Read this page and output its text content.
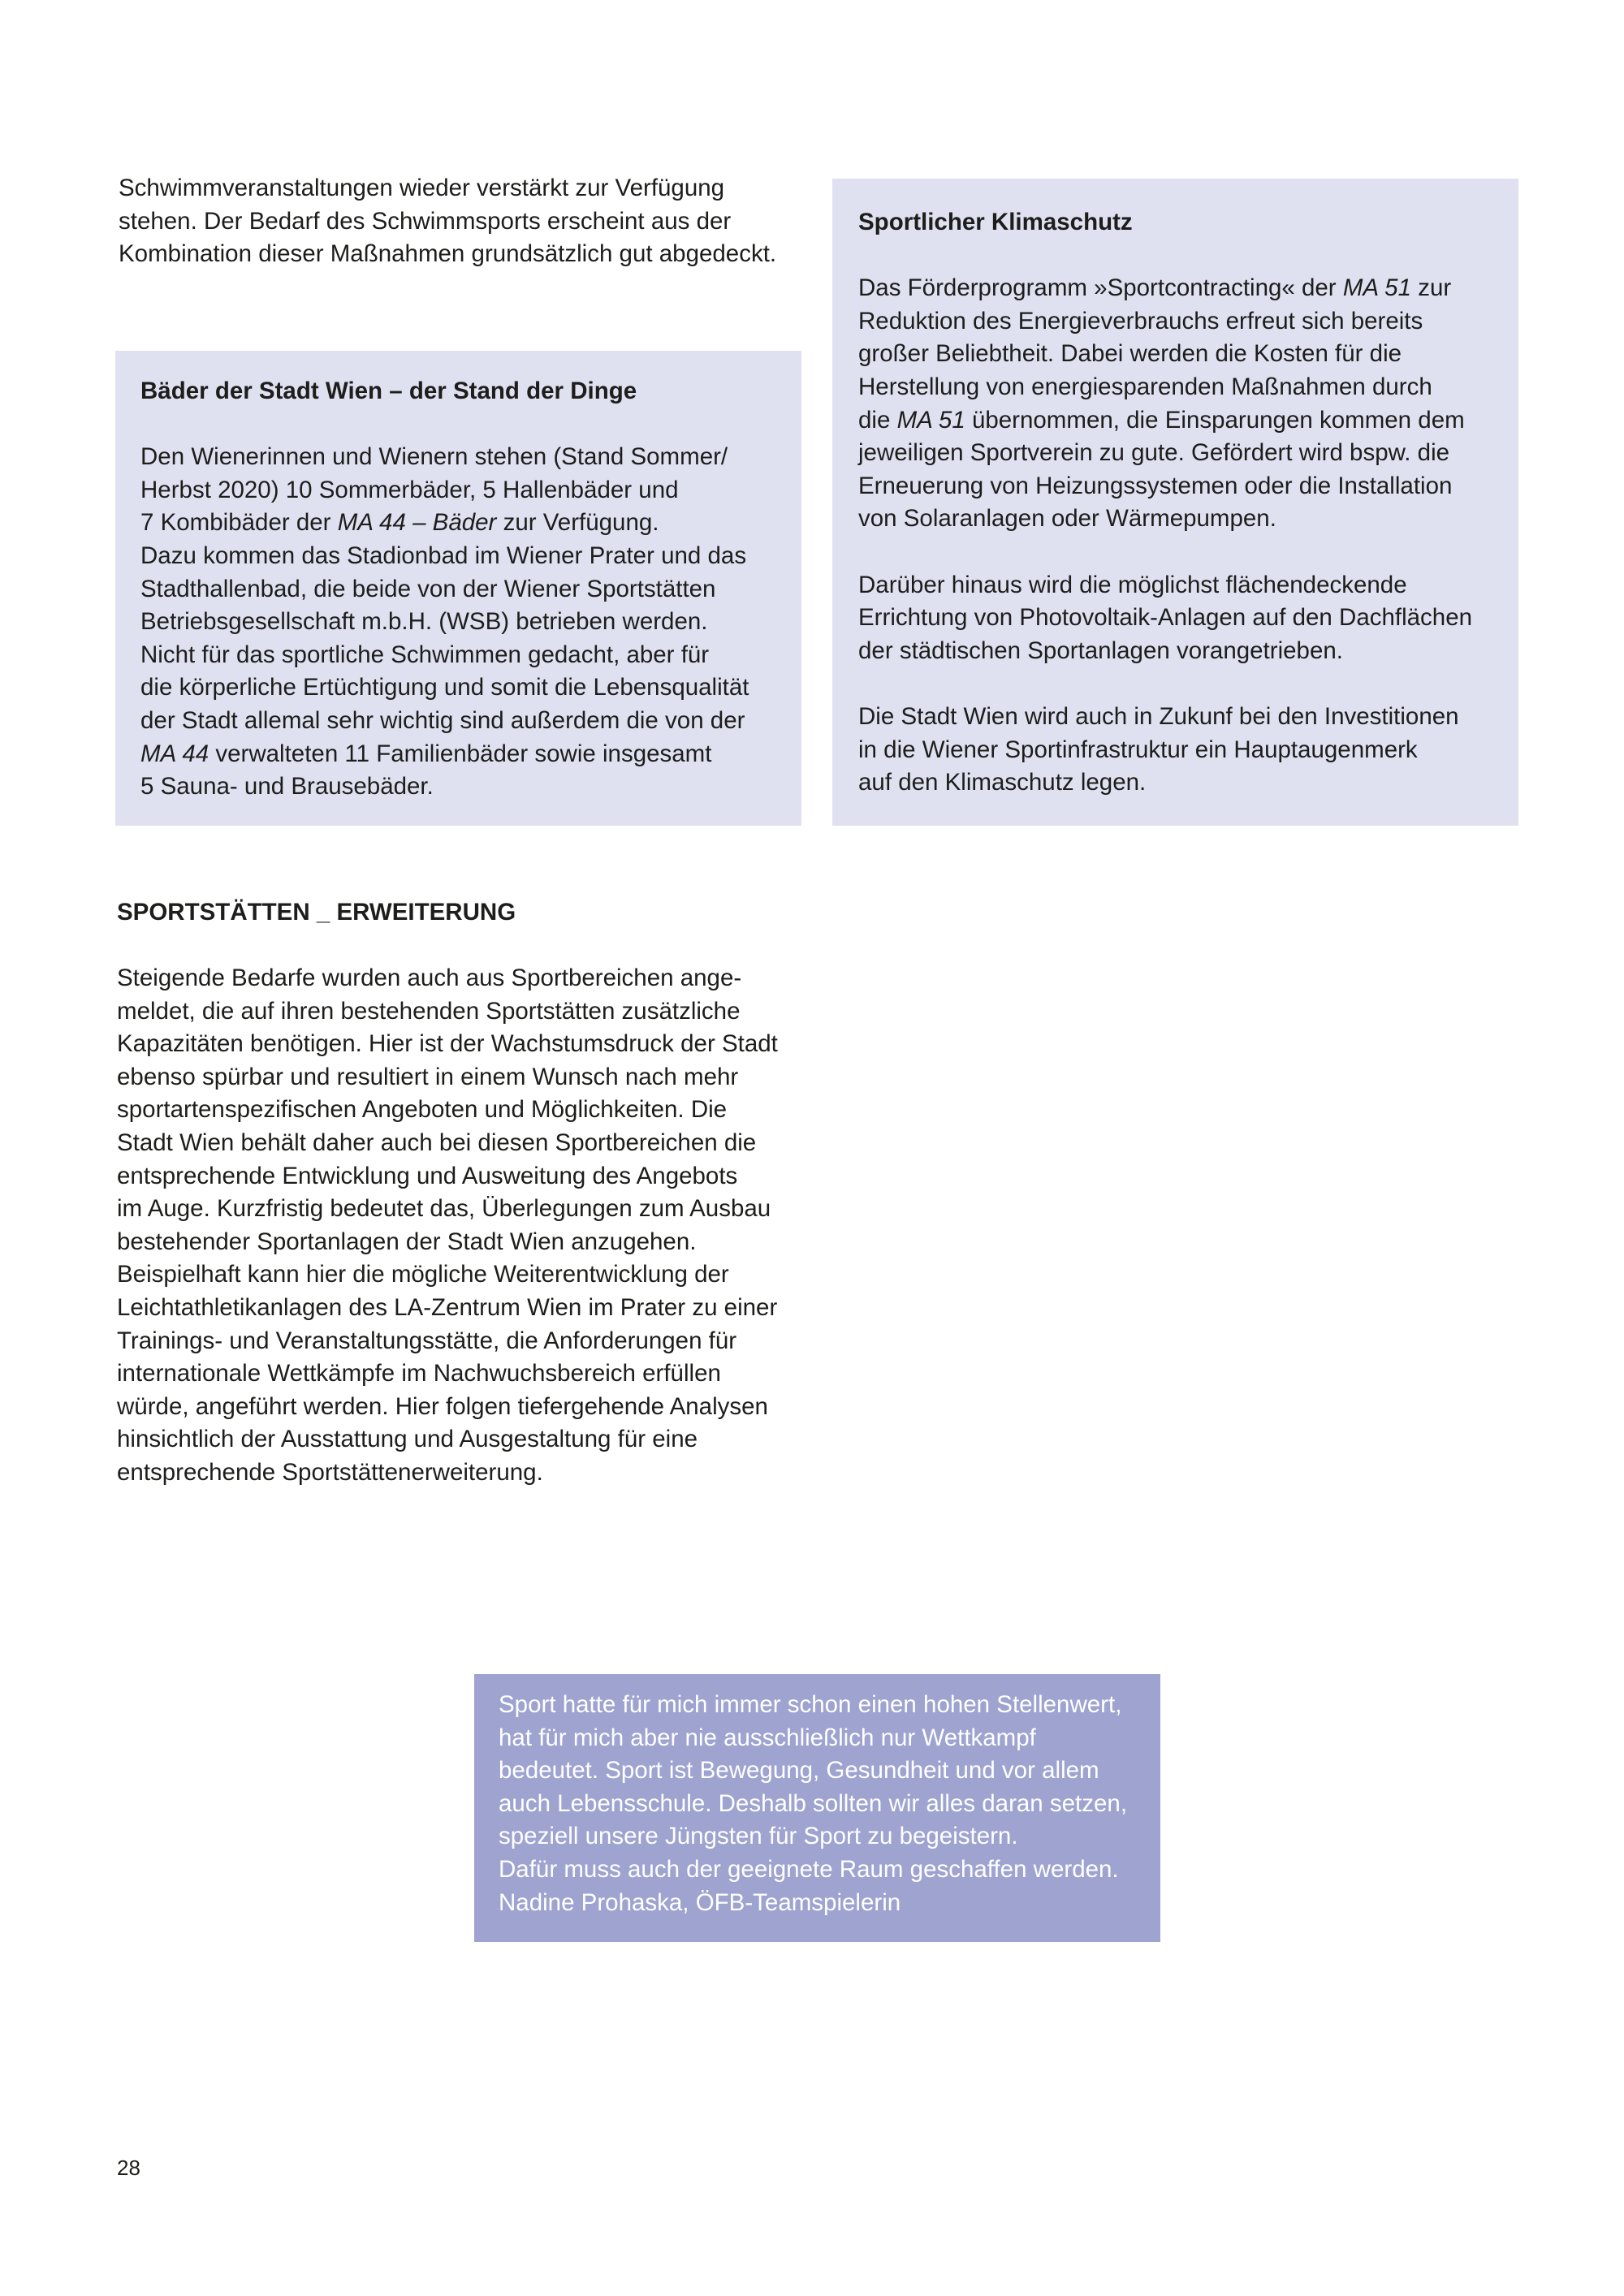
Schwimmveranstaltungen wieder verstärkt zur Verfügung
stehen. Der Bedarf des Schwimmsports erscheint aus der
Kombination dieser Maßnahmen grundsätzlich gut abgedeckt.
Bäder der Stadt Wien – der Stand der Dinge
Den Wienerinnen und Wienern stehen (Stand Sommer/
Herbst 2020) 10 Sommerbäder, 5 Hallenbäder und
7 Kombibäder der MA 44 – Bäder zur Verfügung.
Dazu kommen das Stadionbad im Wiener Prater und das
Stadthallenbad, die beide von der Wiener Sportstätten
Betriebsgesellschaft m.b.H. (WSB) betrieben werden.
Nicht für das sportliche Schwimmen gedacht, aber für
die körperliche Ertüchtigung und somit die Lebensqualität
der Stadt allemal sehr wichtig sind außerdem die von der
MA 44 verwalteten 11 Familienbäder sowie insgesamt
5 Sauna- und Brausebäder.
Sportlicher Klimaschutz
Das Förderprogramm »Sportcontracting« der MA 51 zur
Reduktion des Energieverbrauchs erfreut sich bereits
großer Beliebtheit. Dabei werden die Kosten für die
Herstellung von energiesparenden Maßnahmen durch
die MA 51 übernommen, die Einsparungen kommen dem
jeweiligen Sportverein zu gute. Gefördert wird bspw. die
Erneuerung von Heizungssystemen oder die Installation
von Solaranlagen oder Wärmepumpen.
Darüber hinaus wird die möglichst flächendeckende
Errichtung von Photovoltaik-Anlagen auf den Dachflächen
der städtischen Sportanlagen vorangetrieben.
Die Stadt Wien wird auch in Zukunf bei den Investitionen
in die Wiener Sportinfrastruktur ein Hauptaugenmerk
auf den Klimaschutz legen.
SPORTSTÄTTEN _ ERWEITERUNG
Steigende Bedarfe wurden auch aus Sportbereichen ange-
meldet, die auf ihren bestehenden Sportstätten zusätzliche
Kapazitäten benötigen. Hier ist der Wachstumsdruck der Stadt
ebenso spürbar und resultiert in einem Wunsch nach mehr
sportartenspezifischen Angeboten und Möglichkeiten. Die
Stadt Wien behält daher auch bei diesen Sportbereichen die
entsprechende Entwicklung und Ausweitung des Angebots
im Auge. Kurzfristig bedeutet das, Überlegungen zum Ausbau
bestehender Sportanlagen der Stadt Wien anzugehen.
Beispielhaft kann hier die mögliche Weiterentwicklung der
Leichtathletikanlagen des LA-Zentrum Wien im Prater zu einer
Trainings- und Veranstaltungsstätte, die Anforderungen für
internationale Wettkämpfe im Nachwuchsbereich erfüllen
würde, angeführt werden. Hier folgen tiefergehende Analysen
hinsichtlich der Ausstattung und Ausgestaltung für eine
entsprechende Sportstättenerweiterung.
Sport hatte für mich immer schon einen hohen Stellenwert,
hat für mich aber nie ausschließlich nur Wettkampf
bedeutet. Sport ist Bewegung, Gesundheit und vor allem
auch Lebensschule. Deshalb sollten wir alles daran setzen,
speziell unsere Jüngsten für Sport zu begeistern.
Dafür muss auch der geeignete Raum geschaffen werden.
Nadine Prohaska, ÖFB-Teamspielerin
28
